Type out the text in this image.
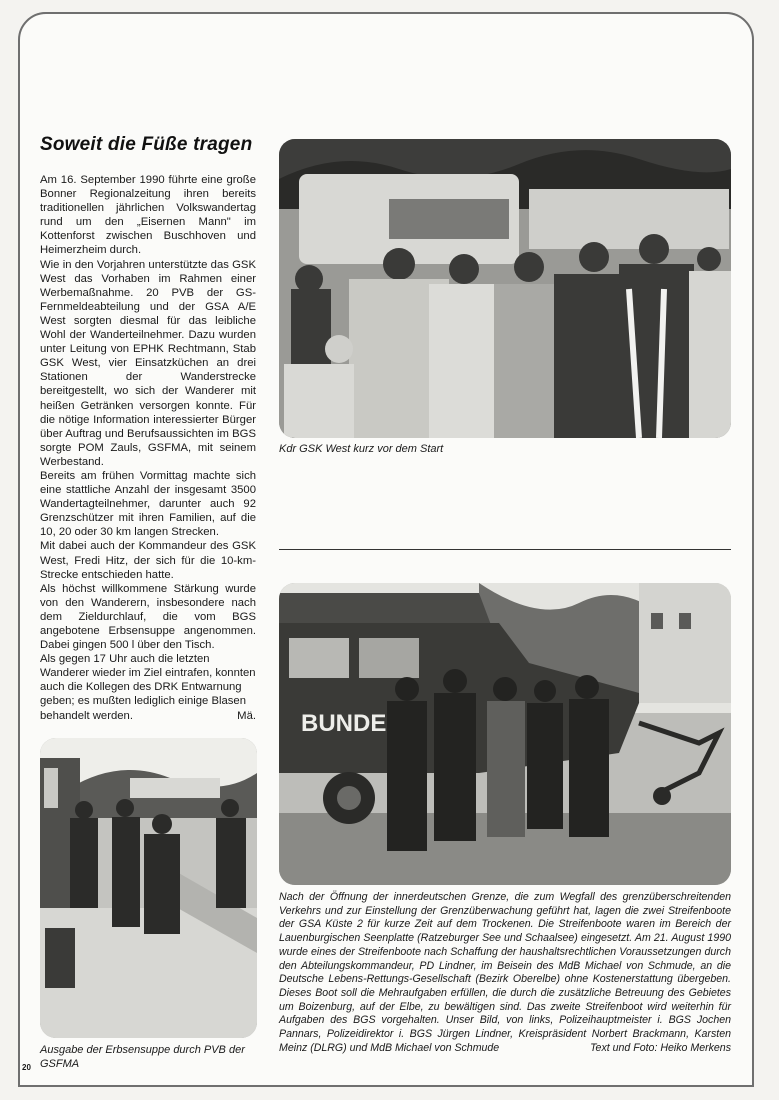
Soweit die Füße tragen

Am 16. September 1990 führte eine große Bonner Regionalzeitung ihren bereits traditionellen jährlichen Volkswandertag rund um den „Eisernen Mann" im Kottenforst zwischen Buschhoven und Heimerzheim durch.

Wie in den Vorjahren unterstützte das GSK West das Vorhaben im Rahmen einer Werbemaßnahme. 20 PVB der GS-Fernmeldeabteilung und der GSA A/E West sorgten diesmal für das leibliche Wohl der Wanderteilnehmer. Dazu wurden unter Leitung von EPHK Rechtmann, Stab GSK West, vier Einsatzküchen an drei Stationen der Wanderstrecke bereitgestellt, wo sich der Wanderer mit heißen Getränken versorgen konnte. Für die nötige Information interessierter Bürger über Auftrag und Berufsaussichten im BGS sorgte POM Zauls, GSFMA, mit seinem Werbestand.

Bereits am frühen Vormittag machte sich eine stattliche Anzahl der insgesamt 3500 Wandertagteilnehmer, darunter auch 92 Grenzschützer mit ihren Familien, auf die 10, 20 oder 30 km langen Strecken.

Mit dabei auch der Kommandeur des GSK West, Fredi Hitz, der sich für die 10-km-Strecke entschieden hatte.

Als höchst willkommene Stärkung wurde von den Wanderern, insbesondere nach dem Zieldurchlauf, die vom BGS angebotene Erbsensuppe angenommen. Dabei gingen 500 l über den Tisch.

Als gegen 17 Uhr auch die letzten Wanderer wieder im Ziel eintrafen, konnten auch die Kollegen des DRK Entwarnung geben; es mußten lediglich einige Blasen behandelt werden.	Mä.

Kdr GSK West kurz vor dem Start
BUNDE

Nach der Öffnung der innerdeutschen Grenze, die zum Wegfall des grenzüberschreitenden Verkehrs und zur Einstellung der Grenzüberwachung geführt hat, lagen die zwei Streifenboote der GSA Küste 2 für kurze Zeit auf dem Trockenen. Die Streifenboote waren im Bereich der Lauenburgischen Seenplatte (Ratzeburger See und Schaalsee) eingesetzt. Am 21. August 1990 wurde eines der Streifenboote nach Schaffung der haushaltsrechtlichen Voraussetzungen durch den Abteilungskommandeur, PD Lindner, im Beisein des MdB Michael von Schmude, an die Deutsche Lebens-Rettungs-Gesellschaft (Bezirk Oberelbe) ohne Kostenerstattung übergeben. Dieses Boot soll die Mehraufgaben erfüllen, die durch die zusätzliche Betreuung des Gebietes um Boizenburg, auf der Elbe, zu bewältigen sind. Das zweite Streifenboot wird weiterhin für Aufgaben des BGS vorgehalten. Unser Bild, von links, Polizeihauptmeister i. BGS Jochen Pannars, Polizeidirektor i. BGS Jürgen Lindner, Kreispräsident Norbert Brackmann, Karsten Meinz (DLRG) und MdB Michael von Schmude	Text und Foto: Heiko Merkens

Ausgabe der Erbsensuppe durch PVB der GSFMA
20
